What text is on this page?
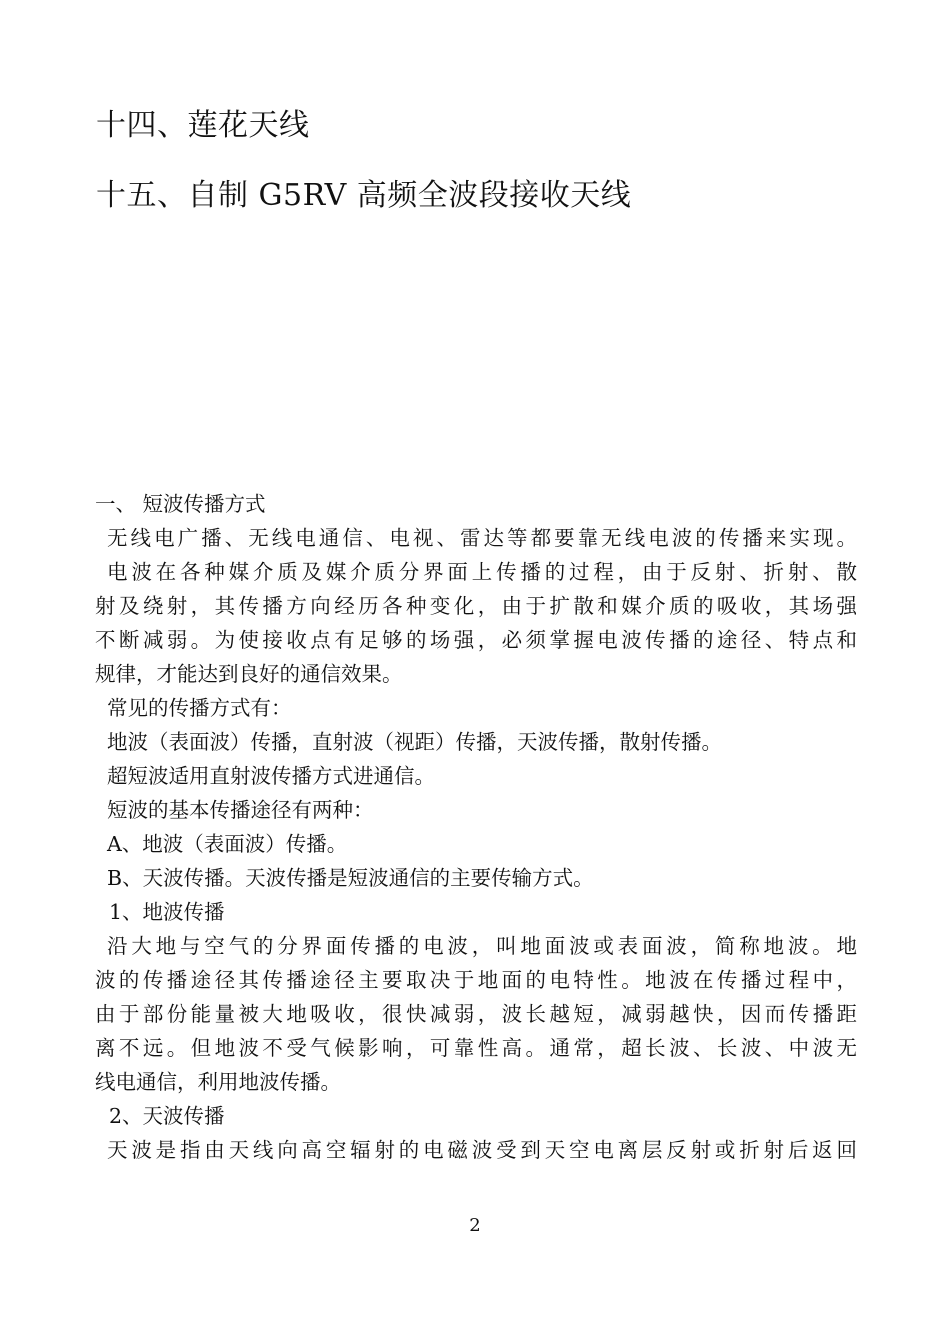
十四、莲花天线
十五、自制 G5RV 高频全波段接收天线
一、 短波传播方式
无线电广播、无线电通信、电视、雷达等都要靠无线电波的传播来实现。
电波在各种媒介质及媒介质分界面上传播的过程，由于反射、折射、散
射及绕射，其传播方向经历各种变化，由于扩散和媒介质的吸收，其场强
不断减弱。为使接收点有足够的场强，必须掌握电波传播的途径、特点和
规律，才能达到良好的通信效果。
常见的传播方式有：
地波（表面波）传播，直射波（视距）传播，天波传播，散射传播。
超短波适用直射波传播方式进通信。
短波的基本传播途径有两种：
A、地波（表面波）传播。
B、天波传播。天波传播是短波通信的主要传输方式。
1、地波传播
沿大地与空气的分界面传播的电波，叫地面波或表面波，简称地波。地
波的传播途径其传播途径主要取决于地面的电特性。地波在传播过程中，
由于部份能量被大地吸收，很快减弱，波长越短，减弱越快，因而传播距
离不远。但地波不受气候影响，可靠性高。通常，超长波、长波、中波无
线电通信，利用地波传播。
2、天波传播
天波是指由天线向高空辐射的电磁波受到天空电离层反射或折射后返回
2
